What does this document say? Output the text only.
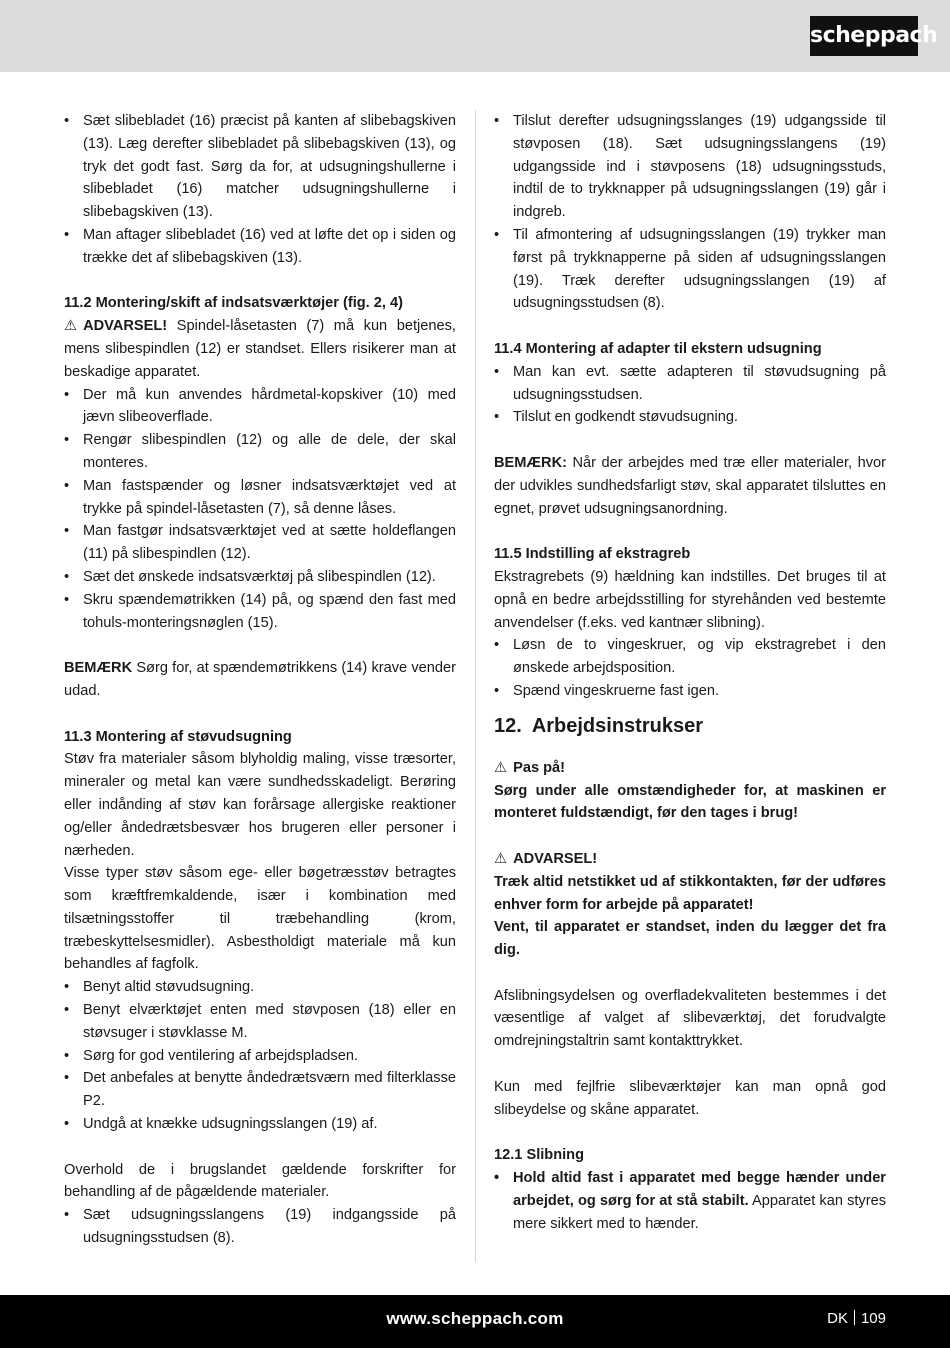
scheppach
• Sæt slibebladet (16) præcist på kanten af slibebagskiven (13). Læg derefter slibebladet på slibebagskiven (13), og tryk det godt fast. Sørg da for, at udsugningshullerne i slibebladet (16) matcher udsugningshullerne i slibebagskiven (13).
• Man aftager slibebladet (16) ved at løfte det op i siden og trække det af slibebagskiven (13).

11.2 Montering/skift af indsatsværktøjer (fig. 2, 4)

⚠ ADVARSEL! Spindel-låsetasten (7) må kun betjenes, mens slibespindlen (12) er standset. Ellers risikerer man at beskadige apparatet.

• Der må kun anvendes hårdmetal-kopskiver (10) med jævn slibeoverflade.
• Rengør slibespindlen (12) og alle de dele, der skal monteres.
• Man fastspænder og løsner indsatsværktøjet ved at trykke på spindel-låsetasten (7), så denne låses.
• Man fastgør indsatsværktøjet ved at sætte holdeflangen (11) på slibespindlen (12).
• Sæt det ønskede indsatsværktøj på slibespindlen (12).
• Skru spændemøtrikken (14) på, og spænd den fast med tohuls-monteringsnøglen (15).

BEMÆRK Sørg for, at spændemøtrikkens (14) krave vender udad.

11.3 Montering af støvudsugning

Støv fra materialer såsom blyholdig maling, visse træsorter, mineraler og metal kan være sundhedsskadeligt. Berøring eller indånding af støv kan forårsage allergiske reaktioner og/eller åndedrætsbesvær hos brugeren eller personer i nærheden.

Visse typer støv såsom ege- eller bøgetræsstøv betragtes som kræftfremkaldende, især i kombination med tilsætningsstoffer til træbehandling (krom, træbeskyttelsesmidler). Asbestholdigt materiale må kun behandles af fagfolk.

• Benyt altid støvudsugning.
• Benyt elværktøjet enten med støvposen (18) eller en støvsuger i støvklasse M.
• Sørg for god ventilering af arbejdspladsen.
• Det anbefales at benytte åndedrætsværn med filterklasse P2.
• Undgå at knække udsugningsslangen (19) af.

Overhold de i brugslandet gældende forskrifter for behandling af de pågældende materialer.

• Sæt udsugningsslangens (19) indgangsside på udsugningsstudsen (8).
• Tilslut derefter udsugningsslanges (19) udgangsside til støvposen (18). Sæt udsugningsslangens (19) udgangsside ind i støvposens (18) udsugningsstuds, indtil de to trykknapper på udsugningsslangen (19) går i indgreb.
• Til afmontering af udsugningsslangen (19) trykker man først på trykknapperne på siden af udsugningsslangen (19). Træk derefter udsugningsslangen (19) af udsugningsstudsen (8).

11.4 Montering af adapter til ekstern udsugning

• Man kan evt. sætte adapteren til støvudsugning på udsugningsstudsen.
• Tilslut en godkendt støvudsugning.

BEMÆRK: Når der arbejdes med træ eller materialer, hvor der udvikles sundhedsfarligt støv, skal apparatet tilsluttes en egnet, prøvet udsugningsanordning.

11.5 Indstilling af ekstragreb

Ekstragrebets (9) hældning kan indstilles. Det bruges til at opnå en bedre arbejdsstilling for styrehånden ved bestemte anvendelser (f.eks. ved kantnær slibning).

• Løsn de to vingeskruer, og vip ekstragrebet i den ønskede arbejdsposition.
• Spænd vingeskruerne fast igen.
12. Arbejdsinstrukser

⚠ Pas på!

Sørg under alle omstændigheder for, at maskinen er monteret fuldstændigt, før den tages i brug!

⚠ ADVARSEL!

Træk altid netstikket ud af stikkontakten, før der udføres enhver form for arbejde på apparatet!

Vent, til apparatet er standset, inden du lægger det fra dig.

Afslibningsydelsen og overfladekvaliteten bestemmes i det væsentlige af valget af slibeværktøj, det forudvalgte omdrejningstaltrin samt kontakttrykket.

Kun med fejlfrie slibeværktøjer kan man opnå god slibeydelse og skåne apparatet.

12.1 Slibning

• Hold altid fast i apparatet med begge hænder under arbejdet, og sørg for at stå stabilt. Apparatet kan styres mere sikkert med to hænder.
www.scheppach.com	DK 109
